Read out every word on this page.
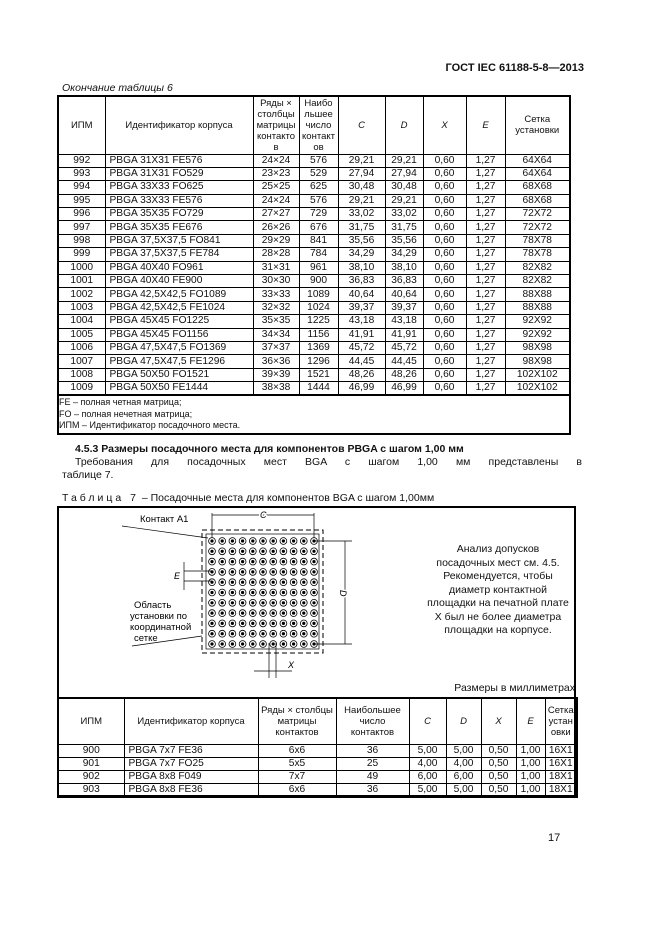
ГОСТ IEC 61188-5-8—2013
Окончание таблицы 6
ИПМ	Идентификатор корпуса	Ряды × столбцы матрицы контакто в	Наибо льшее число контакт ов	C	D	X	E	Сетка установки
992	PBGA 31X31 FE576	24×24	576	29,21	29,21	0,60	1,27	64X64
993	PBGA 31X31 FO529	23×23	529	27,94	27,94	0,60	1,27	64X64
994	PBGA 33X33 FO625	25×25	625	30,48	30,48	0,60	1,27	68X68
995	PBGA 33X33 FE576	24×24	576	29,21	29,21	0,60	1,27	68X68
996	PBGA 35X35 FO729	27×27	729	33,02	33,02	0,60	1,27	72X72
997	PBGA 35X35 FE676	26×26	676	31,75	31,75	0,60	1,27	72X72
998	PBGA 37,5X37,5 FO841	29×29	841	35,56	35,56	0,60	1,27	78X78
999	PBGA 37,5X37,5 FE784	28×28	784	34,29	34,29	0,60	1,27	78X78
1000	PBGA 40X40 FO961	31×31	961	38,10	38,10	0,60	1,27	82X82
1001	PBGA 40X40 FE900	30×30	900	36,83	36,83	0,60	1,27	82X82
1002	PBGA 42,5X42,5 FO1089	33×33	1089	40,64	40,64	0,60	1,27	88X88
1003	PBGA 42,5X42,5 FE1024	32×32	1024	39,37	39,37	0,60	1,27	88X88
1004	PBGA 45X45 FO1225	35×35	1225	43,18	43,18	0,60	1,27	92X92
1005	PBGA 45X45 FO1156	34×34	1156	41,91	41,91	0,60	1,27	92X92
1006	PBGA 47,5X47,5 FO1369	37×37	1369	45,72	45,72	0,60	1,27	98X98
1007	PBGA 47,5X47,5 FE1296	36×36	1296	44,45	44,45	0,60	1,27	98X98
1008	PBGA 50X50 FO1521	39×39	1521	48,26	48,26	0,60	1,27	102X102
1009	PBGA 50X50 FE1444	38×38	1444	46,99	46,99	0,60	1,27	102X102

FE – полная четная матрица;
FO – полная нечетная матрица;
ИПМ – Идентификатор посадочного места.								
4.5.3 Размеры посадочного места для компонентов PBGA с шагом 1,00 мм
Требования для посадочных мест BGA с шагом 1,00 мм представлены в
таблице 7.
Таблица 7 – Посадочные места для компонентов BGA с шагом 1,00мм
C
D
E
X
Контакт А1
Область
установки по
координатной
сетке
Анализ допусков
посадочных мест см. 4.5.
Рекомендуется, чтобы
диаметр контактной
площадки на печатной плате
X был не более диаметра
площадки на корпусе.
Размеры в миллиметрах
ИПМ	Идентификатор корпуса	Ряды × столбцы матрицы контактов	Наибольшее число контактов	C	D	X	E	Сетка устан овки
900	PBGA 7x7 FE36	6x6	36	5,00	5,00	0,50	1,00	16X1
901	PBGA 7x7 FO25	5x5	25	4,00	4,00	0,50	1,00	16X1
902	PBGA 8x8 F049	7x7	49	6,00	6,00	0,50	1,00	18X1
903	PBGA 8x8 FE36	6x6	36	5,00	5,00	0,50	1,00	18X1
17
